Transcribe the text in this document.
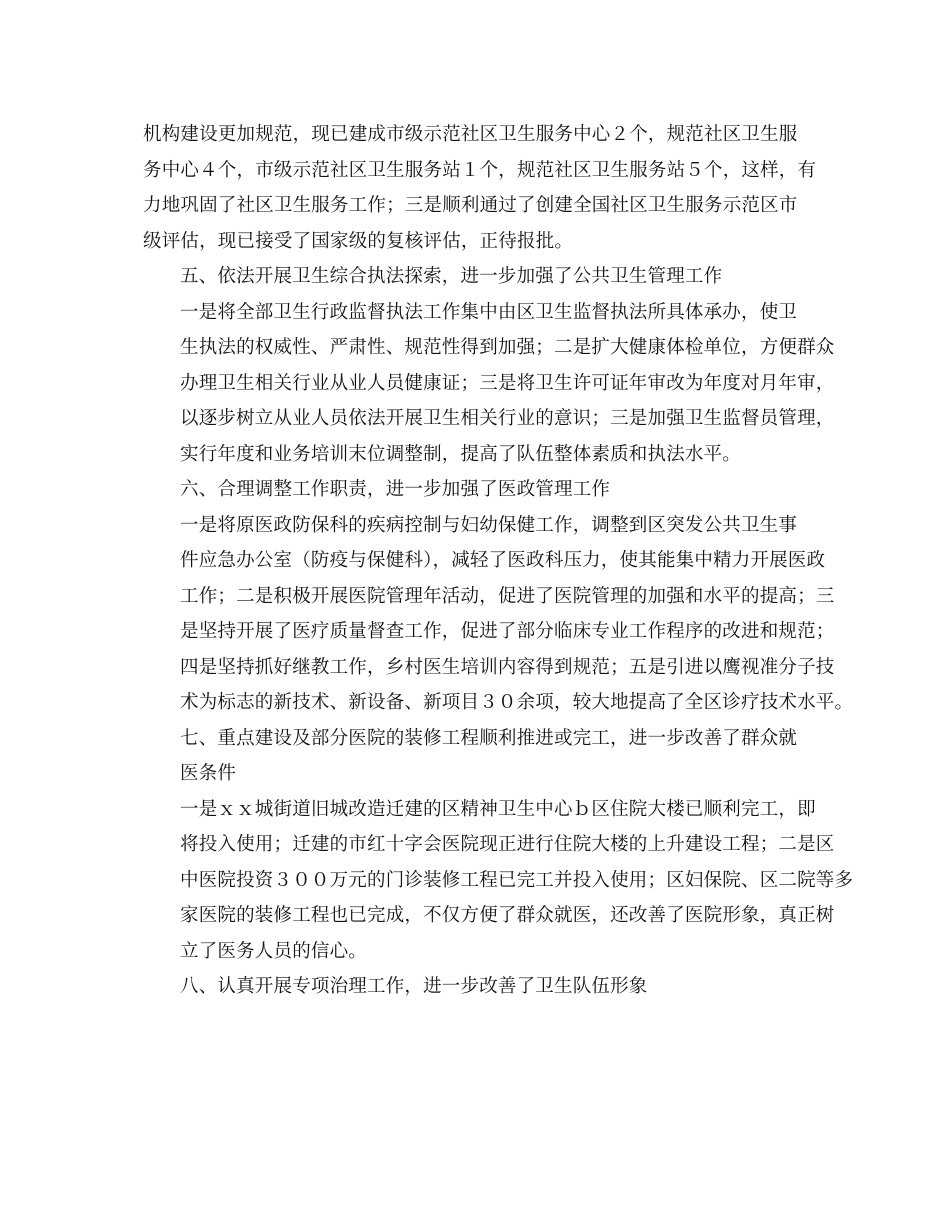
机构建设更加规范，现已建成市级示范社区卫生服务中心２个，规范社区卫生服
务中心４个，市级示范社区卫生服务站１个，规范社区卫生服务站５个，这样，有
力地巩固了社区卫生服务工作；三是顺利通过了创建全国社区卫生服务示范区市
级评估，现已接受了国家级的复核评估，正待报批。

五、依法开展卫生综合执法探索，进一步加强了公共卫生管理工作

一是将全部卫生行政监督执法工作集中由区卫生监督执法所具体承办，使卫
生执法的权威性、严肃性、规范性得到加强；二是扩大健康体检单位，方便群众
办理卫生相关行业从业人员健康证；三是将卫生许可证年审改为年度对月年审，
以逐步树立从业人员依法开展卫生相关行业的意识；三是加强卫生监督员管理，
实行年度和业务培训末位调整制，提高了队伍整体素质和执法水平。

六、合理调整工作职责，进一步加强了医政管理工作

一是将原医政防保科的疾病控制与妇幼保健工作，调整到区突发公共卫生事
件应急办公室（防疫与保健科），减轻了医政科压力，使其能集中精力开展医政
工作；二是积极开展医院管理年活动，促进了医院管理的加强和水平的提高；三
是坚持开展了医疗质量督查工作，促进了部分临床专业工作程序的改进和规范；
四是坚持抓好继教工作，乡村医生培训内容得到规范；五是引进以鹰视准分子技
术为标志的新技术、新设备、新项目３０余项，较大地提高了全区诊疗技术水平。

七、重点建设及部分医院的装修工程顺利推进或完工，进一步改善了群众就
医条件

一是ｘｘ城街道旧城改造迁建的区精神卫生中心ｂ区住院大楼已顺利完工，即
将投入使用；迁建的市红十字会医院现正进行住院大楼的上升建设工程；二是区
中医院投资３００万元的门诊装修工程已完工并投入使用；区妇保院、区二院等多
家医院的装修工程也已完成，不仅方便了群众就医，还改善了医院形象，真正树
立了医务人员的信心。

八、认真开展专项治理工作，进一步改善了卫生队伍形象
